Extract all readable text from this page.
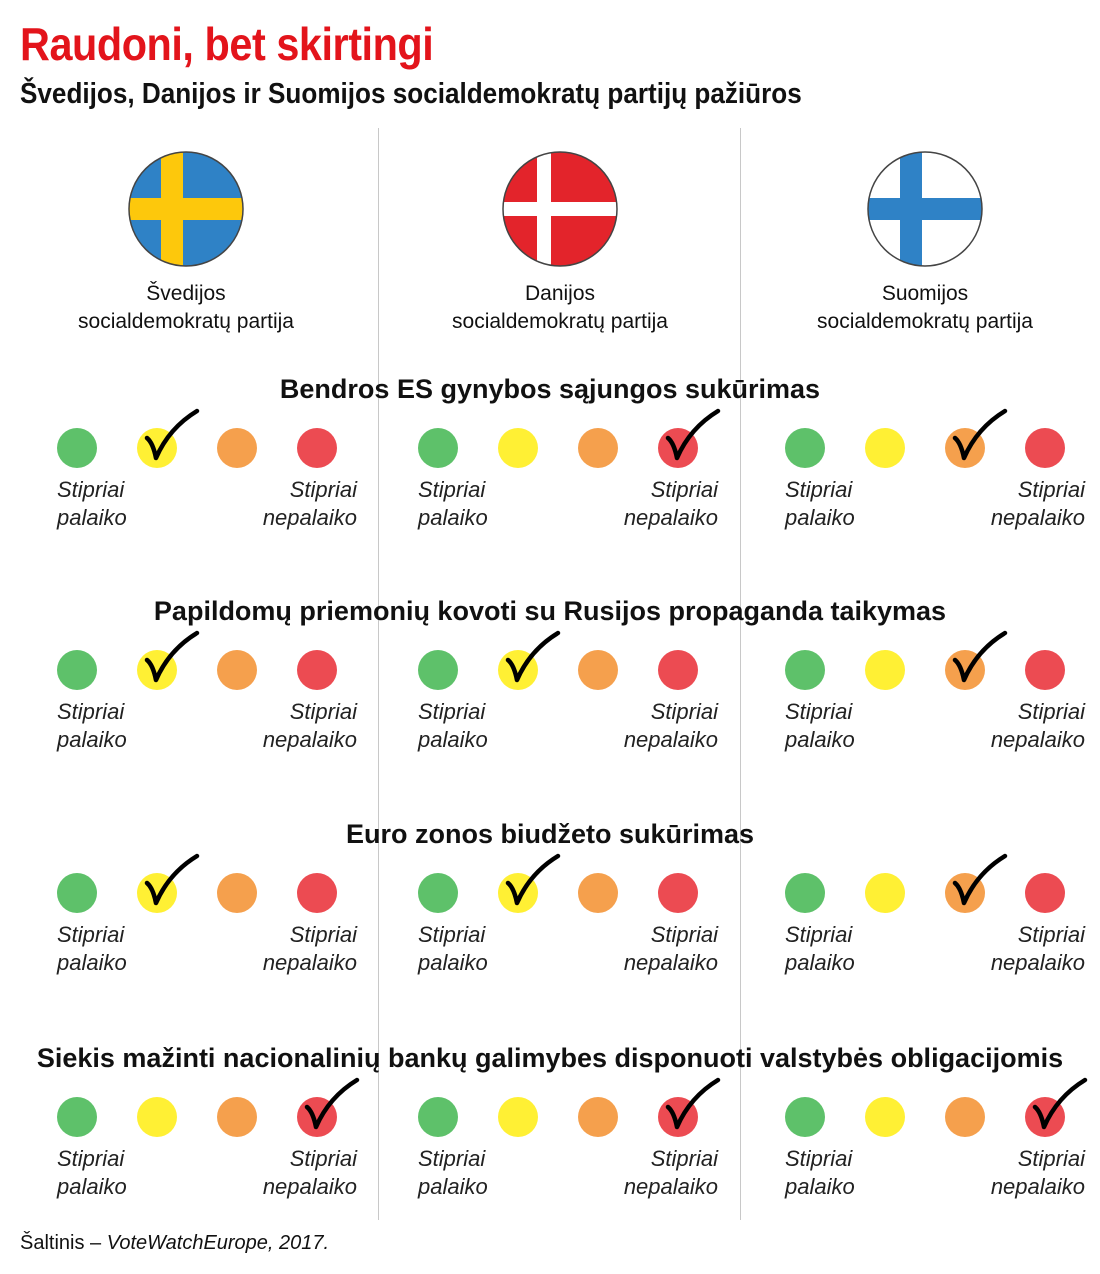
Raudoni, bet skirtingi
Švedijos, Danijos ir Suomijos socialdemokratų partijų pažiūros
Švedijos
socialdemokratų partija
Danijos
socialdemokratų partija
Suomijos
socialdemokratų partija
Bendros ES gynybos sąjungos sukūrimas
Stipriai
palaiko
Stipriai
nepalaiko
Stipriai
palaiko
Stipriai
nepalaiko
Stipriai
palaiko
Stipriai
nepalaiko
Papildomų priemonių kovoti su Rusijos propaganda taikymas
Stipriai
palaiko
Stipriai
nepalaiko
Stipriai
palaiko
Stipriai
nepalaiko
Stipriai
palaiko
Stipriai
nepalaiko
Euro zonos biudžeto sukūrimas
Stipriai
palaiko
Stipriai
nepalaiko
Stipriai
palaiko
Stipriai
nepalaiko
Stipriai
palaiko
Stipriai
nepalaiko
Siekis mažinti nacionalinių bankų galimybes disponuoti valstybės obligacijomis
Stipriai
palaiko
Stipriai
nepalaiko
Stipriai
palaiko
Stipriai
nepalaiko
Stipriai
palaiko
Stipriai
nepalaiko

Šaltinis – VoteWatchEurope, 2017.
